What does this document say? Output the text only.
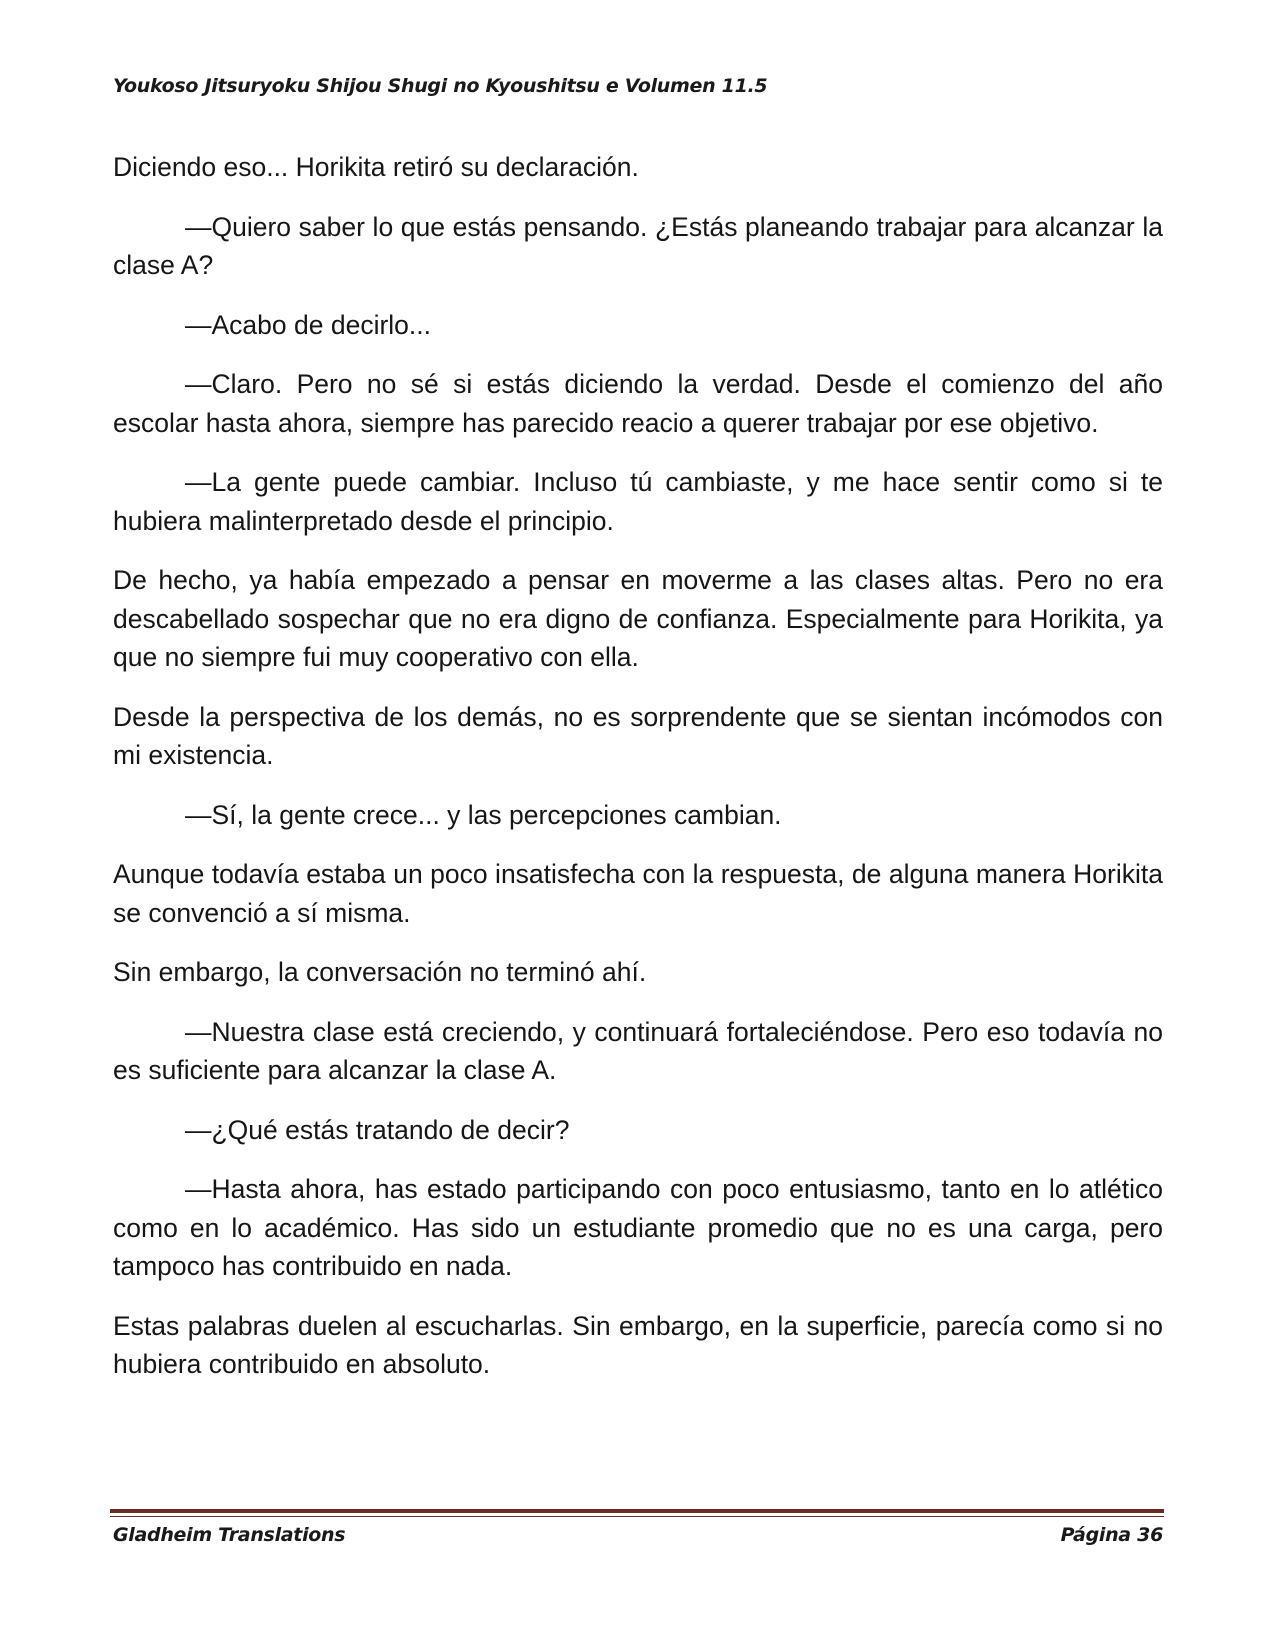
Youkoso Jitsuryoku Shijou Shugi no Kyoushitsu e Volumen 11.5

Diciendo eso... Horikita retiró su declaración.

—Quiero saber lo que estás pensando. ¿Estás planeando trabajar para alcanzar la clase A?

—Acabo de decirlo...

—Claro. Pero no sé si estás diciendo la verdad. Desde el comienzo del año escolar hasta ahora, siempre has parecido reacio a querer trabajar por ese objetivo.

—La gente puede cambiar. Incluso tú cambiaste, y me hace sentir como si te hubiera malinterpretado desde el principio.

De hecho, ya había empezado a pensar en moverme a las clases altas. Pero no era descabellado sospechar que no era digno de confianza. Especialmente para Horikita, ya que no siempre fui muy cooperativo con ella.

Desde la perspectiva de los demás, no es sorprendente que se sientan incómodos con mi existencia.

—Sí, la gente crece... y las percepciones cambian.

Aunque todavía estaba un poco insatisfecha con la respuesta, de alguna manera Horikita se convenció a sí misma.

Sin embargo, la conversación no terminó ahí.

—Nuestra clase está creciendo, y continuará fortaleciéndose. Pero eso todavía no es suficiente para alcanzar la clase A.

—¿Qué estás tratando de decir?

—Hasta ahora, has estado participando con poco entusiasmo, tanto en lo atlético como en lo académico. Has sido un estudiante promedio que no es una carga, pero tampoco has contribuido en nada.

Estas palabras duelen al escucharlas. Sin embargo, en la superficie, parecía como si no hubiera contribuido en absoluto.

Gladheim Translations	Página 36
